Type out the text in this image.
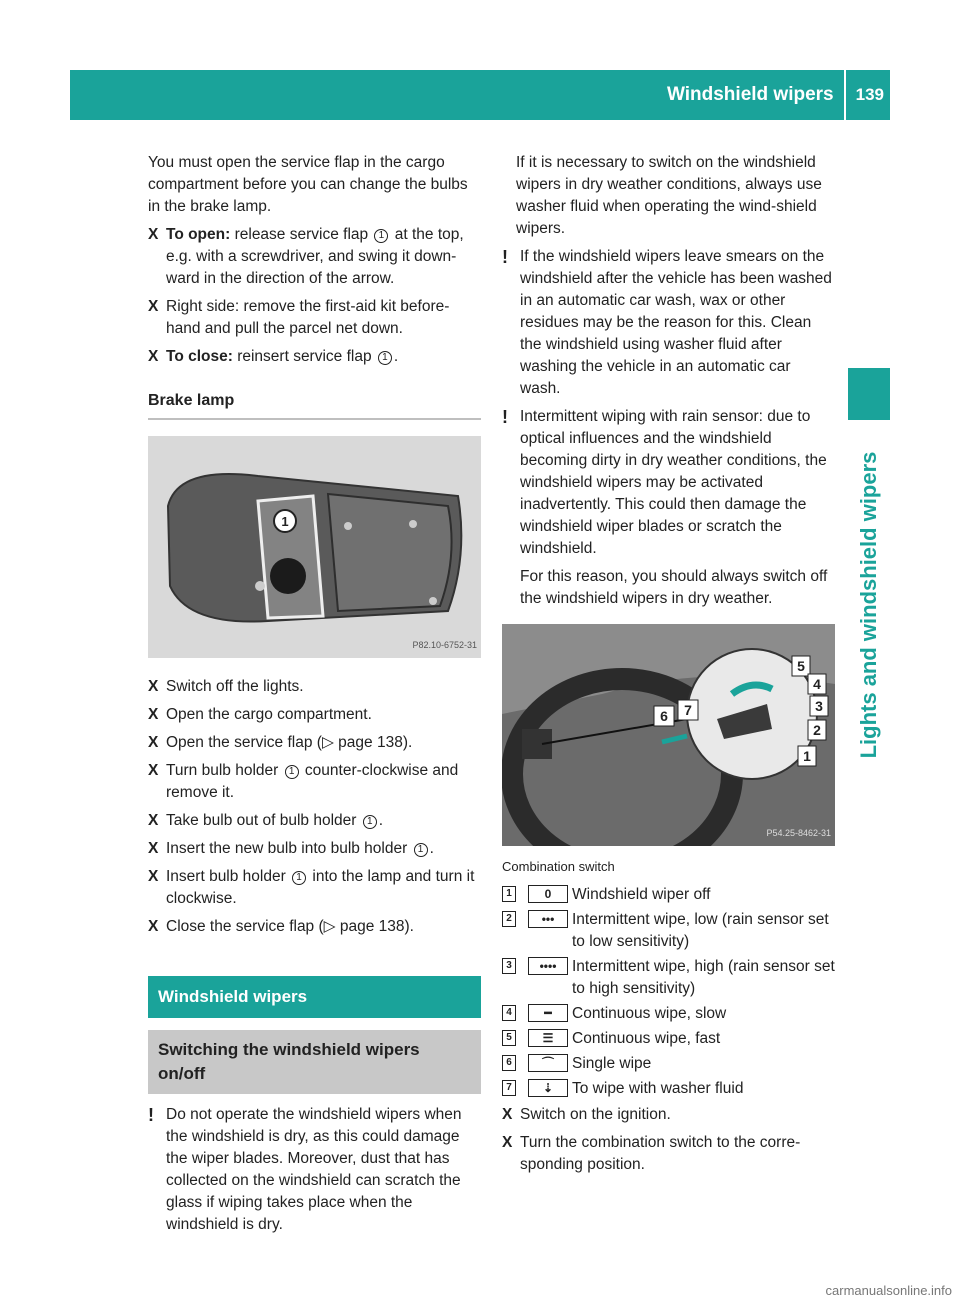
Windshield wipers	139
Lights and windshield wipers

You must open the service flap in the cargo compartment before you can change the bulbs in the brake lamp.

X To open: release service flap 1 at the top, e.g. with a screwdriver, and swing it down-ward in the direction of the arrow.
X Right side: remove the first-aid kit before-hand and pull the parcel net down.
X To close: reinsert service flap 1 .
Brake lamp
1
P82.10-6752-31
X Switch off the lights.
X Open the cargo compartment.
X Open the service flap (▷ page 138).
X Turn bulb holder 1 counter-clockwise and remove it.
X Take bulb out of bulb holder 1 .
X Insert the new bulb into bulb holder 1 .
X Insert bulb holder 1 into the lamp and turn it clockwise.
X Close the service flap (▷ page 138).
Windshield wipers
Switching the windshield wipers on/off
! Do not operate the windshield wipers when the windshield is dry, as this could damage the wiper blades. Moreover, dust that has collected on the windshield can scratch the glass if wiping takes place when the windshield is dry.

If it is necessary to switch on the windshield wipers in dry weather conditions, always use washer fluid when operating the wind-shield wipers.

! If the windshield wipers leave smears on the windshield after the vehicle has been washed in an automatic car wash, wax or other residues may be the reason for this. Clean the windshield using washer fluid after washing the vehicle in an automatic car wash.
! Intermittent wiping with rain sensor: due to optical influences and the windshield becoming dirty in dry weather conditions, the windshield wipers may be activated inadvertently. This could then damage the windshield wiper blades or scratch the windshield.
For this reason, you should always switch off the windshield wipers in dry weather.
6 7
5
4
3
2
1
P54.25-8462-31
Combination switch
1	0	Windshield wiper off
2	•••	Intermittent wipe, low (rain sensor set to low sensitivity)
3	••••	Intermittent wipe, high (rain sensor set to high sensitivity)
4	━	Continuous wipe, slow
5	☰	Continuous wipe, fast
6	⌒	Single wipe
7	⇣	To wipe with washer fluid
X Switch on the ignition.
X Turn the combination switch to the corre-sponding position.
carmanualsonline.info
